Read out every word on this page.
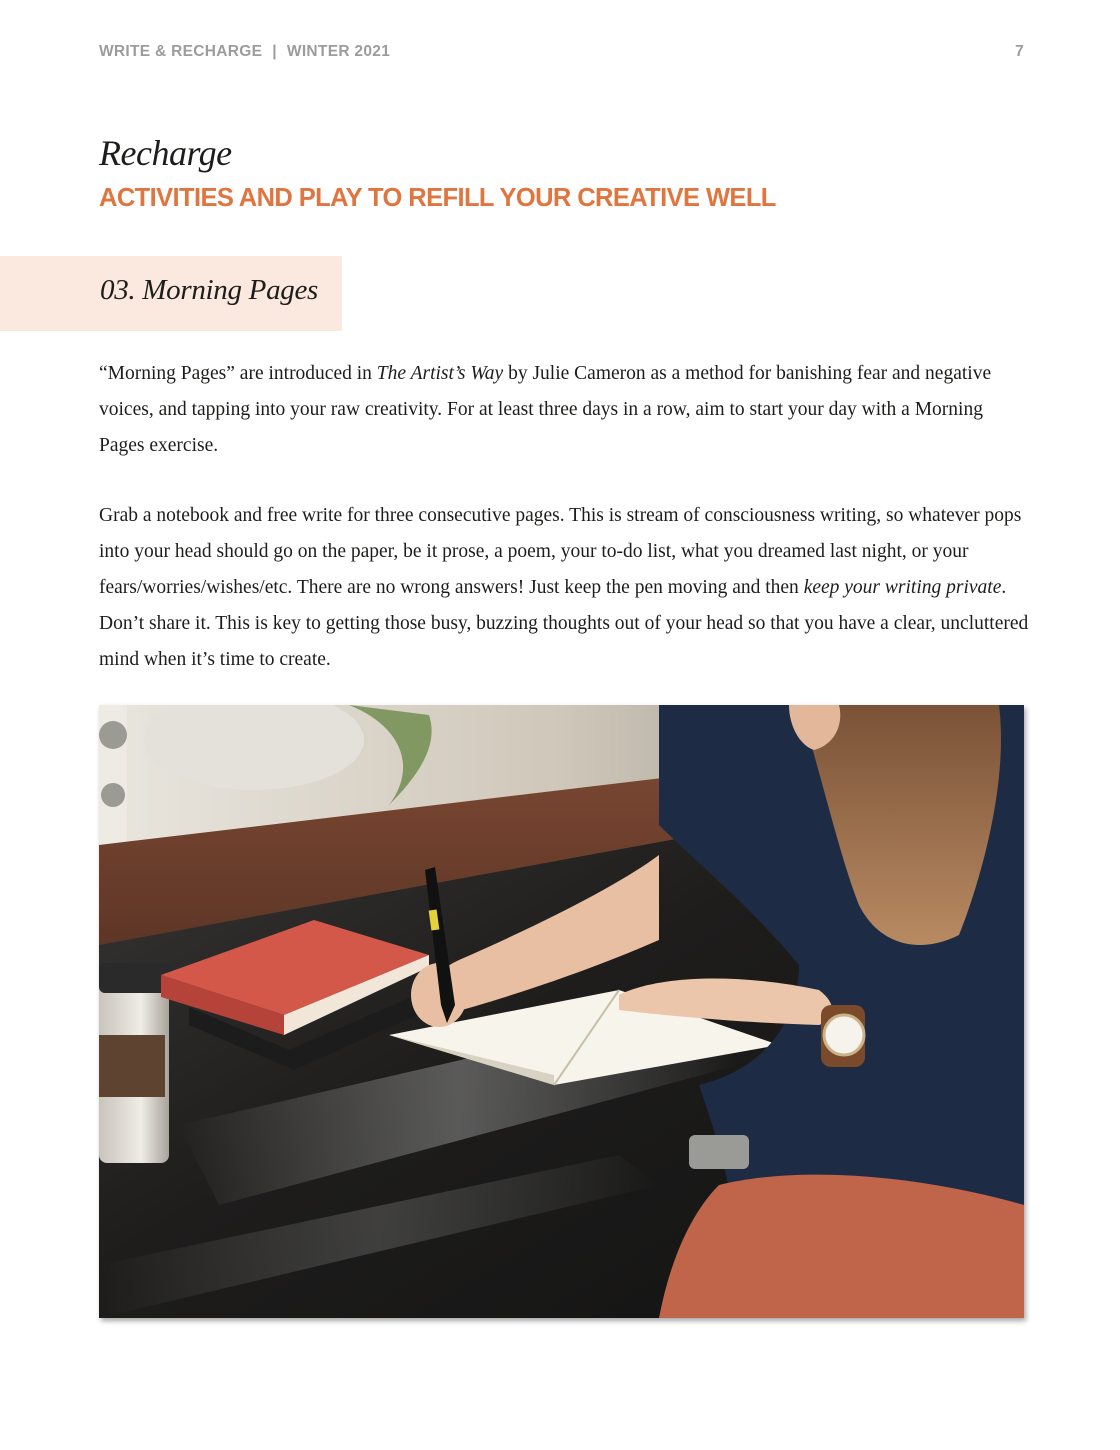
WRITE & RECHARGE | WINTER 2021	7
Recharge
ACTIVITIES AND PLAY TO REFILL YOUR CREATIVE WELL
03. Morning Pages

“Morning Pages” are introduced in The Artist’s Way by Julie Cameron as a method for banishing fear and negative voices, and tapping into your raw creativity. For at least three days in a row, aim to start your day with a Morning Pages exercise.

Grab a notebook and free write for three consecutive pages. This is stream of consciousness writing, so whatever pops into your head should go on the paper, be it prose, a poem, your to-do list, what you dreamed last night, or your fears/worries/wishes/etc. There are no wrong answers! Just keep the pen moving and then keep your writing private. Don’t share it. This is key to getting those busy, buzzing thoughts out of your head so that you have a clear, uncluttered mind when it’s time to create.
